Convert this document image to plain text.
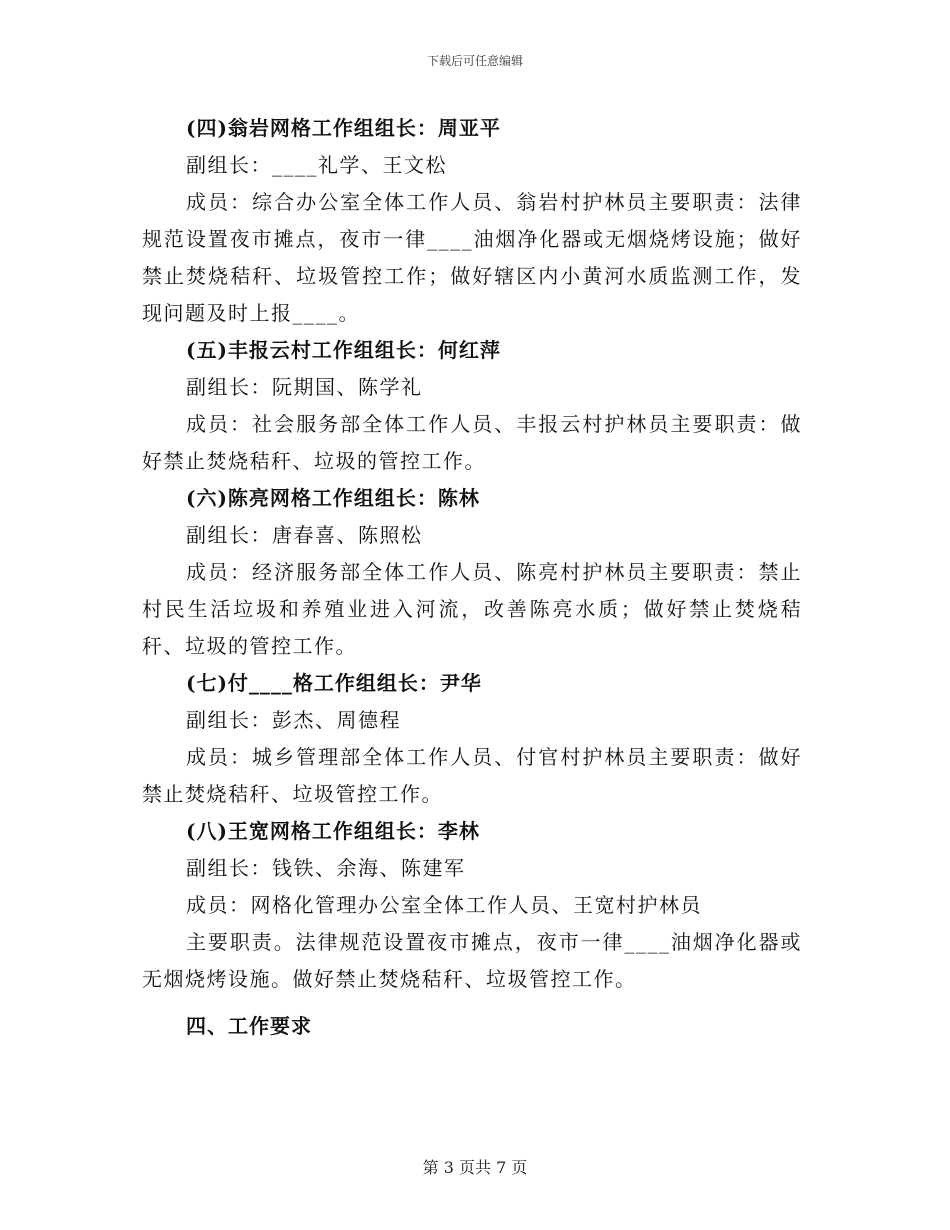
下载后可任意编辑

(四)翁岩网格工作组组长：周亚平

副组长：____礼学、王文松

成员：综合办公室全体工作人员、翁岩村护林员主要职责：法律规范设置夜市摊点，夜市一律____油烟净化器或无烟烧烤设施；做好禁止焚烧秸秆、垃圾管控工作；做好辖区内小黄河水质监测工作，发现问题及时上报____。

(五)丰报云村工作组组长：何红萍

副组长：阮期国、陈学礼

成员：社会服务部全体工作人员、丰报云村护林员主要职责：做好禁止焚烧秸秆、垃圾的管控工作。

(六)陈亮网格工作组组长：陈林

副组长：唐春喜、陈照松

成员：经济服务部全体工作人员、陈亮村护林员主要职责：禁止村民生活垃圾和养殖业进入河流，改善陈亮水质；做好禁止焚烧秸秆、垃圾的管控工作。

(七)付____格工作组组长：尹华

副组长：彭杰、周德程

成员：城乡管理部全体工作人员、付官村护林员主要职责：做好禁止焚烧秸秆、垃圾管控工作。

(八)王宽网格工作组组长：李林

副组长：钱铁、余海、陈建军

成员：网格化管理办公室全体工作人员、王宽村护林员

主要职责。法律规范设置夜市摊点，夜市一律____油烟净化器或无烟烧烤设施。做好禁止焚烧秸秆、垃圾管控工作。

四、工作要求

第 3 页共 7 页
